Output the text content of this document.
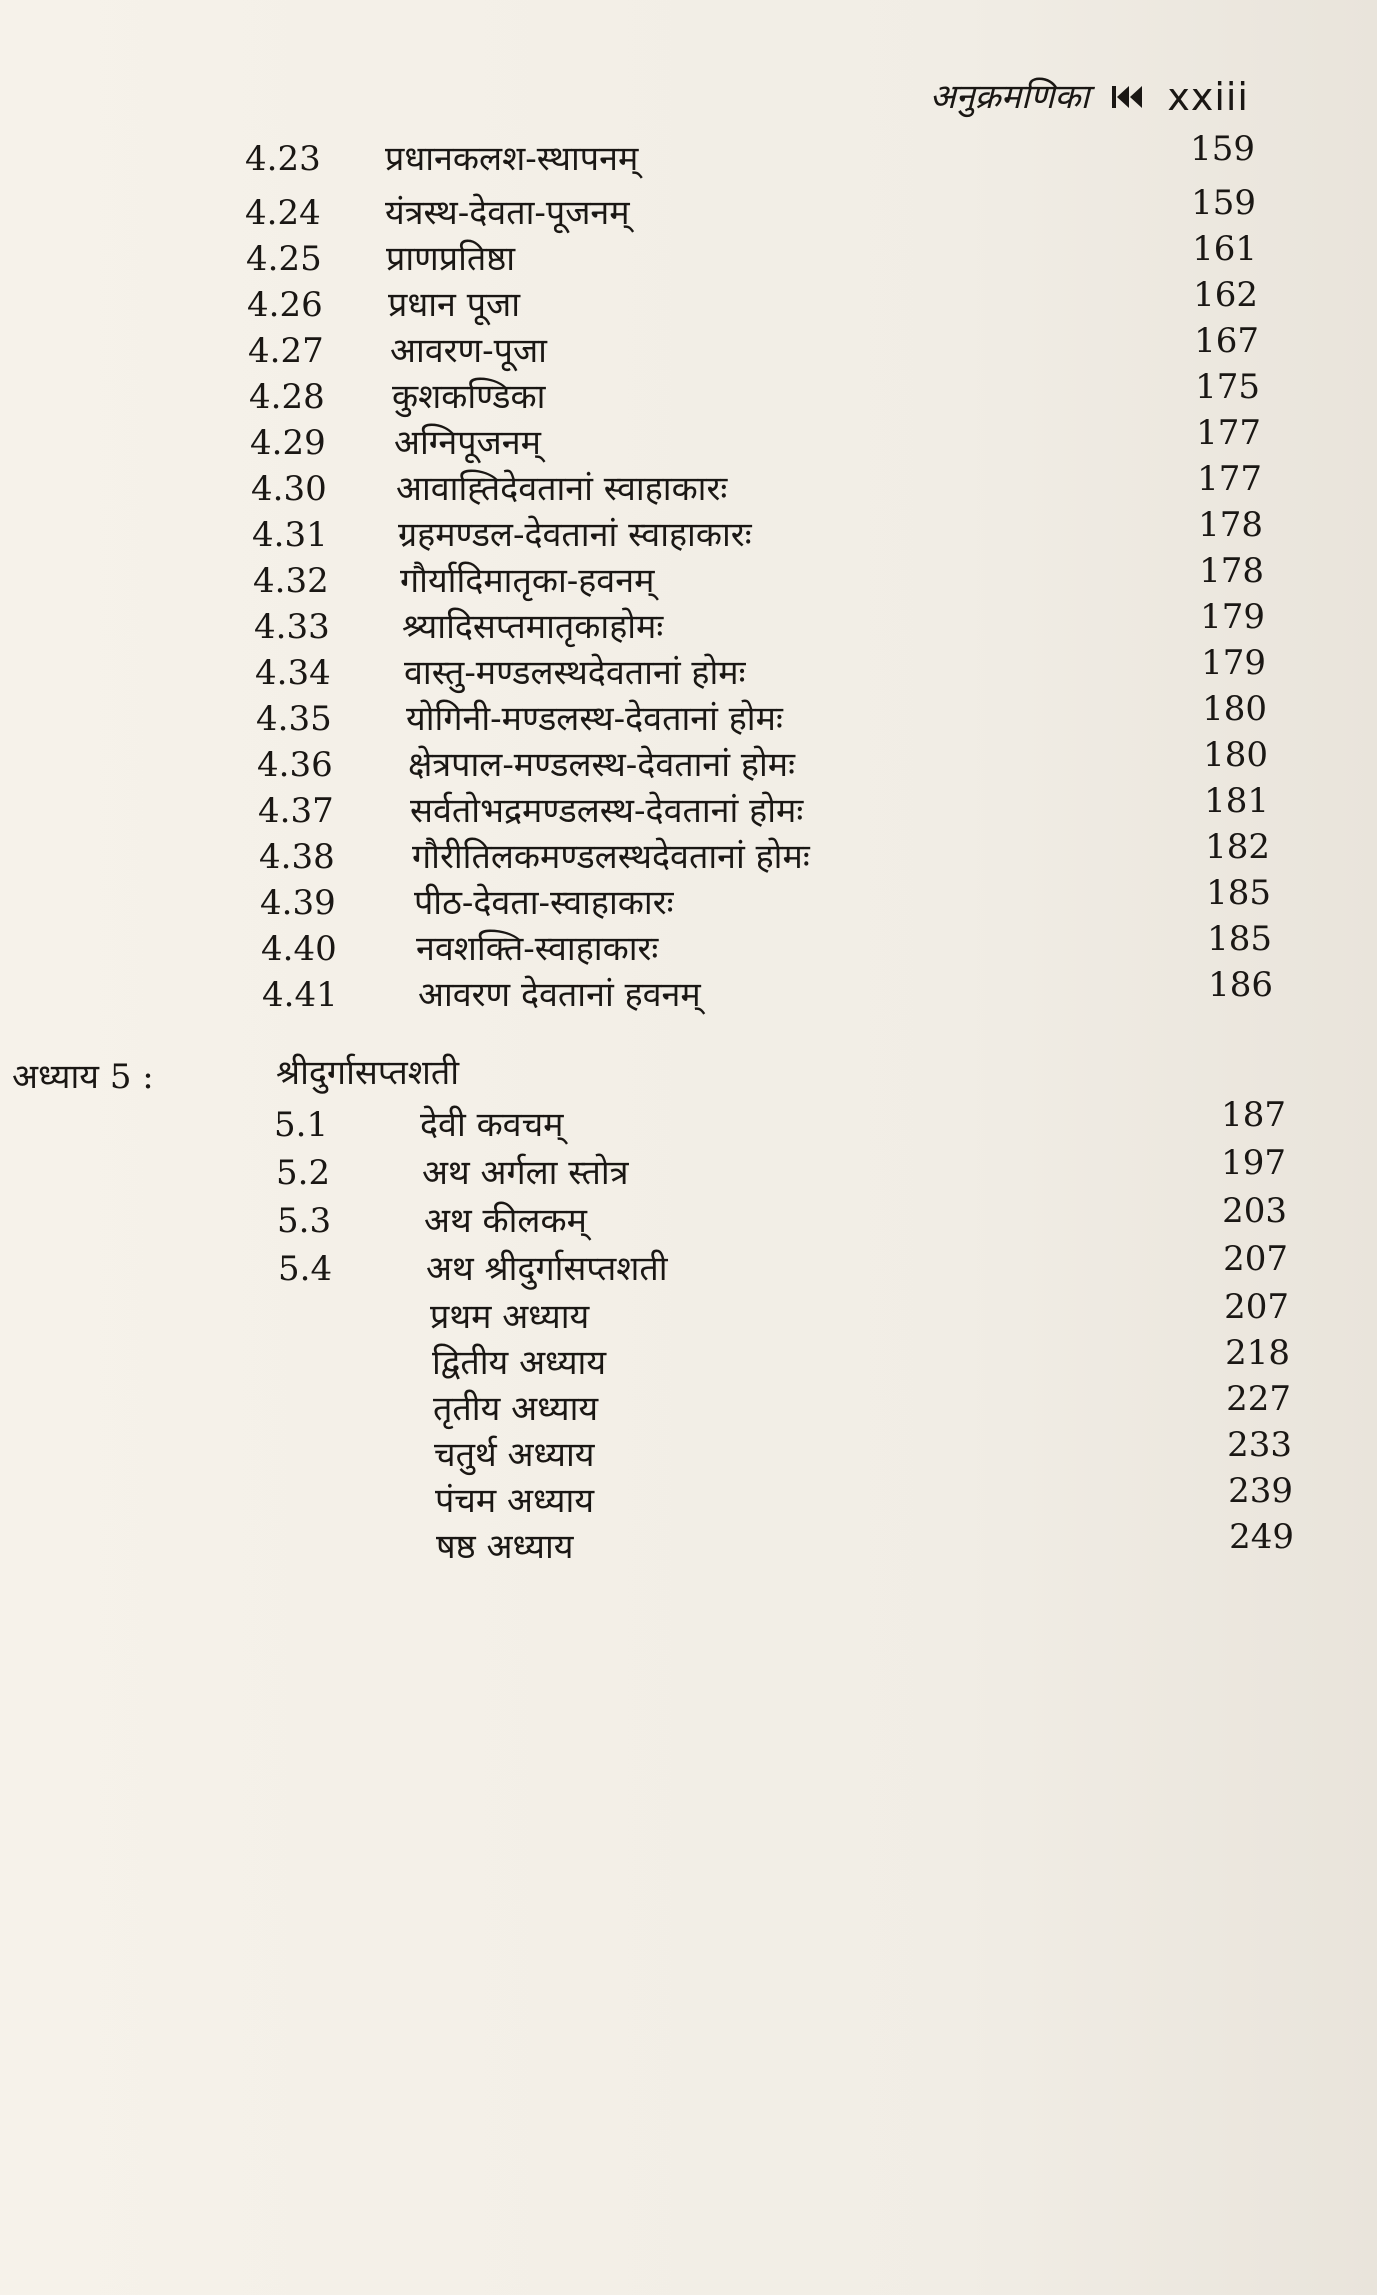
अनुक्रमणिका xxiii
4.23	प्रधानकलश-स्थापनम्	159
4.24	यंत्रस्थ-देवता-पूजनम्	159
4.25	प्राणप्रतिष्ठा	161
4.26	प्रधान पूजा	162
4.27	आवरण-पूजा	167
4.28	कुशकण्डिका	175
4.29	अग्निपूजनम्	177
4.30	आवाह्तिदेवतानां स्वाहाकारः	177
4.31	ग्रहमण्डल-देवतानां स्वाहाकारः	178
4.32	गौर्यादिमातृका-हवनम्	178
4.33	श्र्यादिसप्तमातृकाहोमः	179
4.34	वास्तु-मण्डलस्थदेवतानां होमः	179
4.35	योगिनी-मण्डलस्थ-देवतानां होमः	180
4.36	क्षेत्रपाल-मण्डलस्थ-देवतानां होमः	180
4.37	सर्वतोभद्रमण्डलस्थ-देवतानां होमः	181
4.38	गौरीतिलकमण्डलस्थदेवतानां होमः	182
4.39	पीठ-देवता-स्वाहाकारः	185
4.40	नवशक्ति-स्वाहाकारः	185
4.41	आवरण देवतानां हवनम्	186
अध्याय 5 :	श्रीदुर्गासप्तशती
5.1	देवी कवचम्	187
5.2	अथ अर्गला स्तोत्र	197
5.3	अथ कीलकम्	203
5.4	अथ श्रीदुर्गासप्तशती	207
प्रथम अध्याय	207
द्वितीय अध्याय	218
तृतीय अध्याय	227
चतुर्थ अध्याय	233
पंचम अध्याय	239
षष्ठ अध्याय	249
